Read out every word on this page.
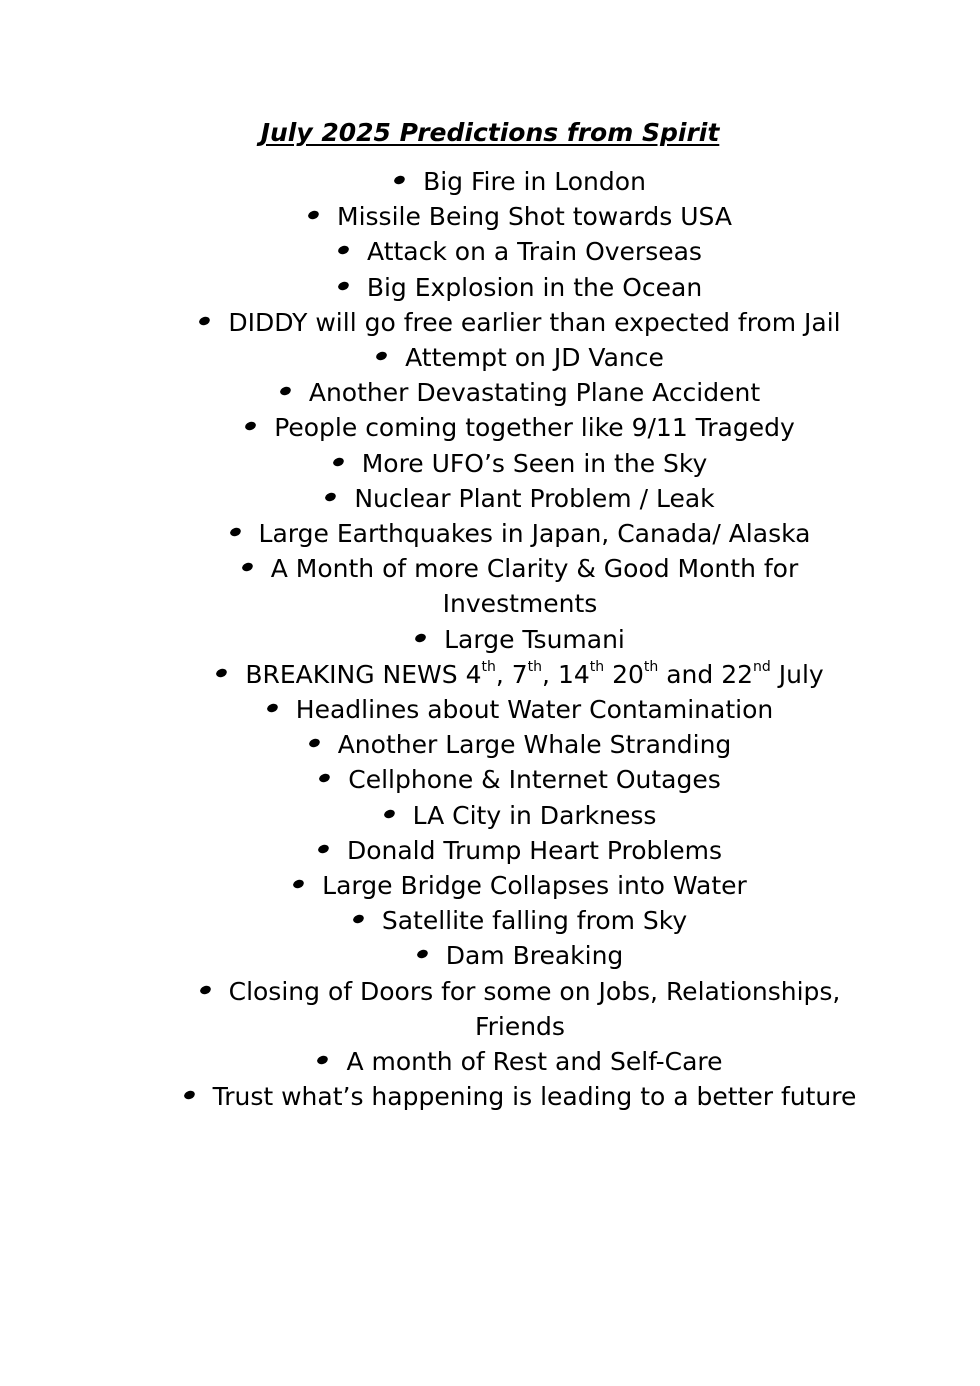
July 2025 Predictions from Spirit
Big Fire in London
Missile Being Shot towards USA
Attack on a Train Overseas
Big Explosion in the Ocean
DIDDY will go free earlier than expected from Jail
Attempt on JD Vance
Another Devastating Plane Accident
People coming together like 9/11 Tragedy
More UFO’s Seen in the Sky
Nuclear Plant Problem / Leak
Large Earthquakes in Japan, Canada/ Alaska
A Month of more Clarity & Good Month for Investments
Large Tsumani
BREAKING NEWS 4th, 7th, 14th 20th and 22nd July
Headlines about Water Contamination
Another Large Whale Stranding
Cellphone & Internet Outages
LA City in Darkness
Donald Trump Heart Problems
Large Bridge Collapses into Water
Satellite falling from Sky
Dam Breaking
Closing of Doors for some on Jobs, Relationships, Friends
A month of Rest and Self-Care
Trust what’s happening is leading to a better future
